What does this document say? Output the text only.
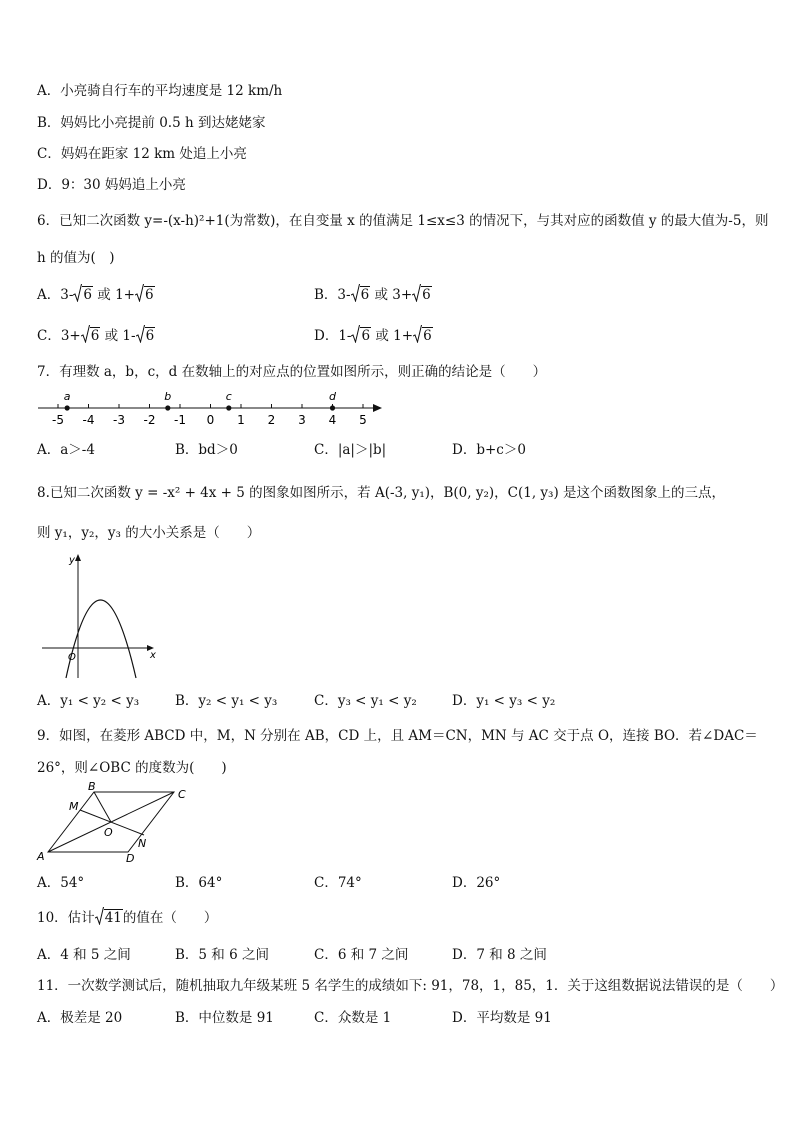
A．小亮骑自行车的平均速度是 12 km/h
B．妈妈比小亮提前 0.5 h 到达姥姥家
C．妈妈在距家 12 km 处追上小亮
D．9：30 妈妈追上小亮
6．已知二次函数 y=-(x-h)²+1(为常数)，在自变量 x 的值满足 1≤x≤3 的情况下，与其对应的函数值 y 的最大值为-5，则
h 的值为(　)
A．3- 6 或 1+ 6	B．3- 6 或 3+ 6
C．3+ 6 或 1- 6	D．1- 6 或 1+ 6
7．有理数 a，b，c，d 在数轴上的对应点的位置如图所示，则正确的结论是（　　）
-5 -4 -3 -2 -1 0 1 2 3 4 5
a	b	c	d
A．a＞-4	B．bd＞0	C．|a|＞|b|	D．b+c＞0
8.已知二次函数 y = -x² + 4x + 5 的图象如图所示，若 A(-3, y₁)，B(0, y₂)，C(1, y₃) 是这个函数图象上的三点，
则 y₁，y₂，y₃ 的大小关系是（　　）
y
x
O
A．y₁ < y₂ < y₃	B．y₂ < y₁ < y₃	C．y₃ < y₁ < y₂	D．y₁ < y₃ < y₂
9．如图，在菱形 ABCD 中，M，N 分别在 AB，CD 上，且 AM＝CN，MN 与 AC 交于点 O，连接 BO．若∠DAC＝
26°，则∠OBC 的度数为(　　)
A
B
C
D
M
N
O
A．54°	B．64°	C．74°	D．26°
10．估计 41的值在（　　）
A．4 和 5 之间	B．5 和 6 之间	C．6 和 7 之间	D．7 和 8 之间
11．一次数学测试后，随机抽取九年级某班 5 名学生的成绩如下: 91，78，1，85，1．关于这组数据说法错误的是（　　）
A．极差是 20	B．中位数是 91	C．众数是 1	D．平均数是 91
